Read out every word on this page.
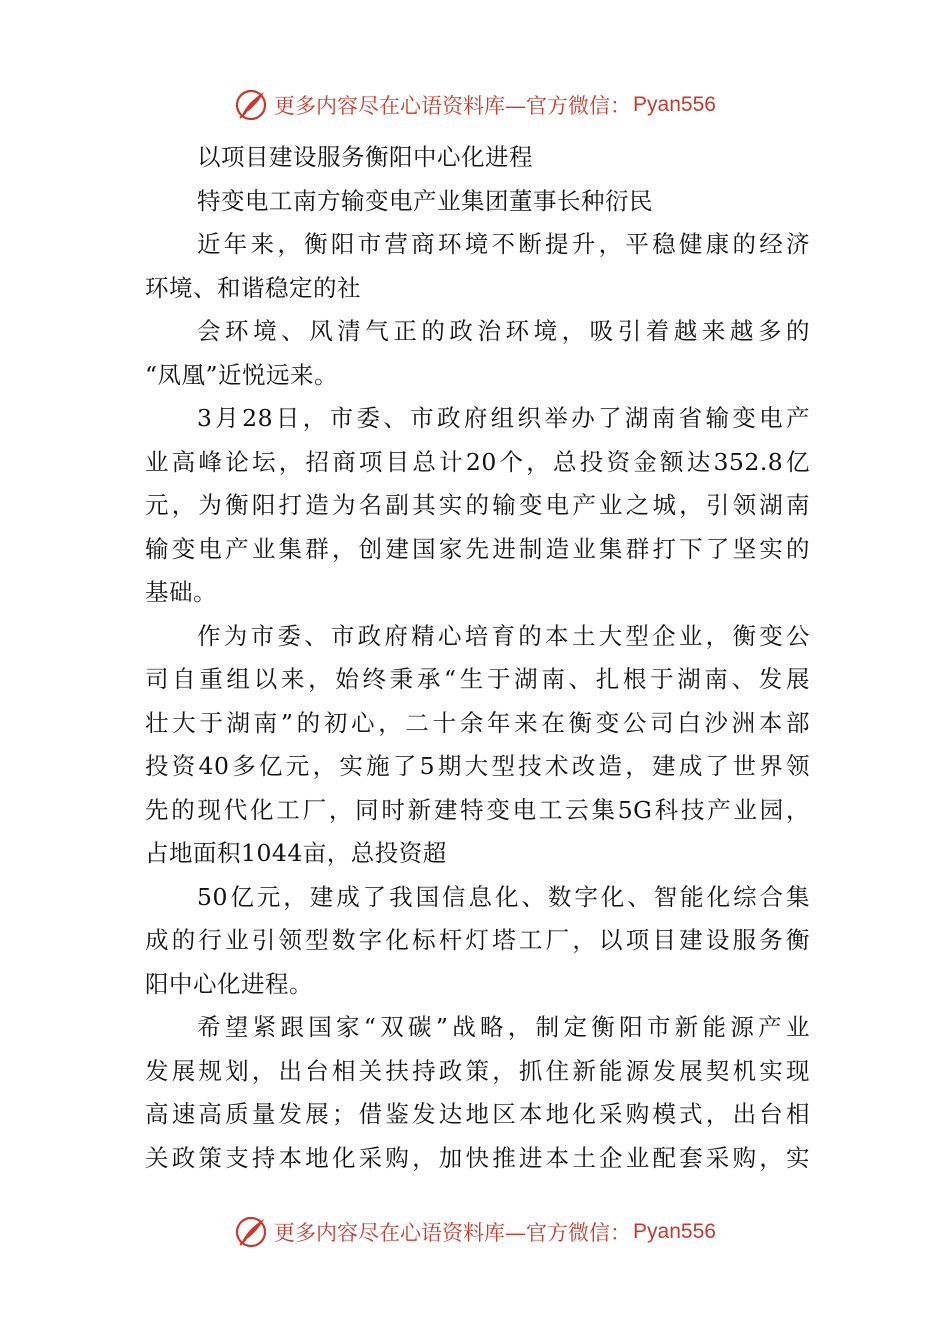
更多内容尽在心语资料库—官方微信： Pyan556
以项目建设服务衡阳中心化进程
特变电工南方输变电产业集团董事长种衍民
近年来，衡阳市营商环境不断提升，平稳健康的经济
环境、和谐稳定的社
会环境、风清气正的政治环境，吸引着越来越多的
“凤凰”近悦远来。
3月28日，市委、市政府组织举办了湖南省输变电产
业高峰论坛，招商项目总计20个，总投资金额达352.8亿
元，为衡阳打造为名副其实的输变电产业之城，引领湖南
输变电产业集群，创建国家先进制造业集群打下了坚实的
基础。
作为市委、市政府精心培育的本土大型企业，衡变公
司自重组以来，始终秉承“生于湖南、扎根于湖南、发展
壮大于湖南”的初心，二十余年来在衡变公司白沙洲本部
投资40多亿元，实施了5期大型技术改造，建成了世界领
先的现代化工厂，同时新建特变电工云集5G科技产业园，
占地面积1044亩，总投资超
50亿元，建成了我国信息化、数字化、智能化综合集
成的行业引领型数字化标杆灯塔工厂，以项目建设服务衡
阳中心化进程。
希望紧跟国家“双碳”战略，制定衡阳市新能源产业
发展规划，出台相关扶持政策，抓住新能源发展契机实现
高速高质量发展；借鉴发达地区本地化采购模式，出台相
关政策支持本地化采购，加快推进本土企业配套采购，实
更多内容尽在心语资料库—官方微信： Pyan556
